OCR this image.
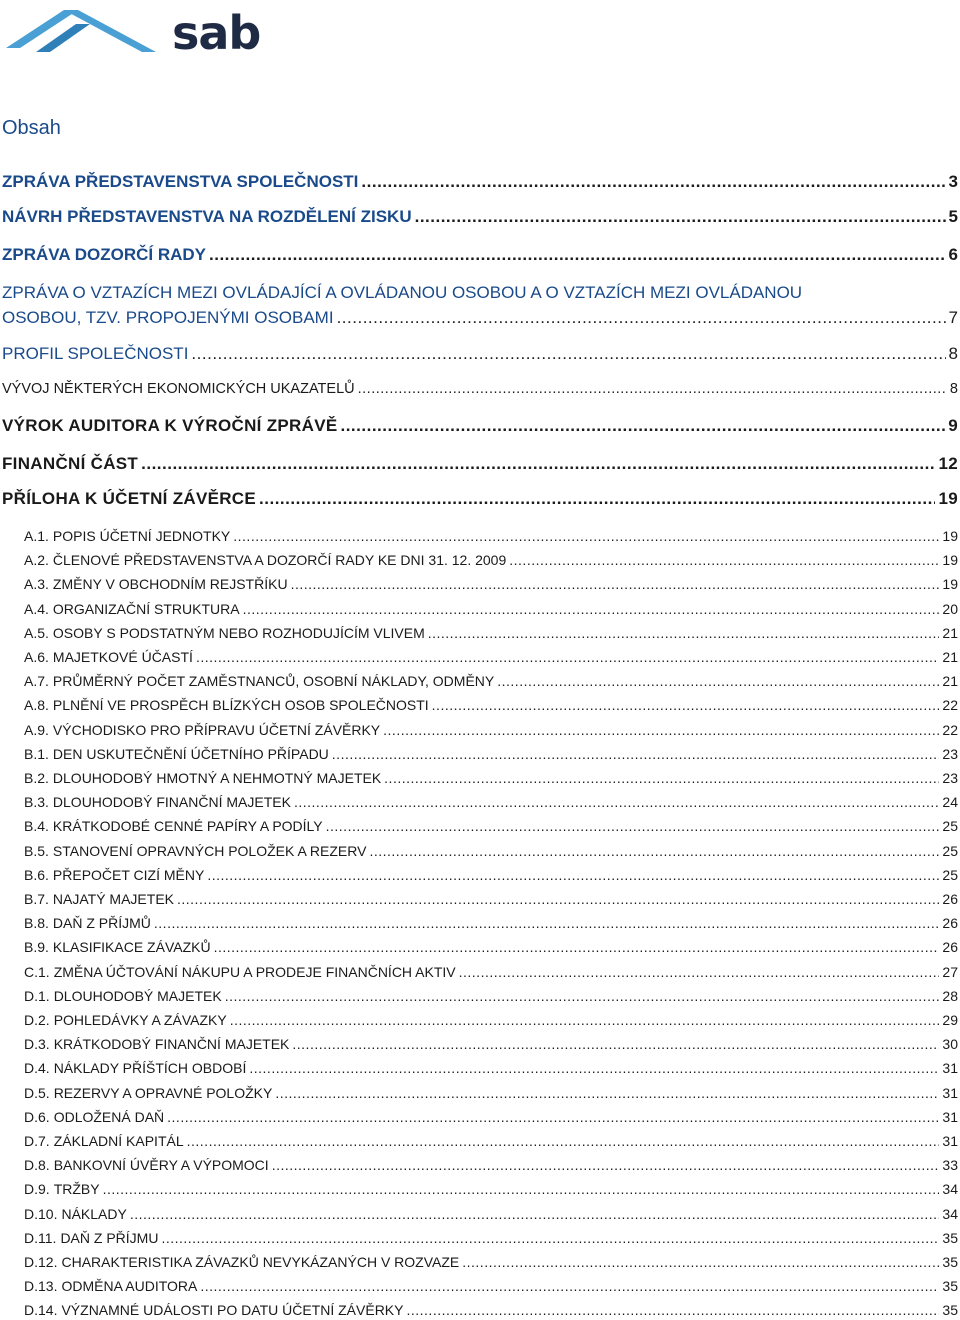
sab
Obsah
ZPRÁVA PŘEDSTAVENSTVA SPOLEČNOSTI .....	3
NÁVRH PŘEDSTAVENSTVA NA ROZDĚLENÍ ZISKU .....	5
ZPRÁVA DOZORČÍ RADY .....	6
ZPRÁVA O VZTAZÍCH MEZI OVLÁDAJÍCÍ A OVLÁDANOU OSOBOU A O VZTAZÍCH MEZI OVLÁDANOU
OSOBOU, TZV. PROPOJENÝMI OSOBAMI .....	7
PROFIL SPOLEČNOSTI .....	8
VÝVOJ NĚKTERÝCH EKONOMICKÝCH UKAZATELŮ .....	8
VÝROK AUDITORA K VÝROČNÍ ZPRÁVĚ .....	9
FINANČNÍ ČÁST .....	12
PŘÍLOHA K ÚČETNÍ ZÁVĚRCE .....	19
A.1. POPIS ÚČETNÍ JEDNOTKY .....	19
A.2. ČLENOVÉ PŘEDSTAVENSTVA A DOZORČÍ RADY KE DNI 31. 12. 2009 .....	19
A.3. ZMĚNY V OBCHODNÍM REJSTŘÍKU .....	19
A.4. ORGANIZAČNÍ STRUKTURA .....	20
A.5. OSOBY S PODSTATNÝM NEBO ROZHODUJÍCÍM VLIVEM .....	21
A.6. MAJETKOVÉ ÚČASTÍ .....	21
A.7. PRŮMĚRNÝ POČET ZAMĚSTNANCŮ, OSOBNÍ NÁKLADY, ODMĚNY .....	21
A.8. PLNĚNÍ VE PROSPĚCH BLÍZKÝCH OSOB SPOLEČNOSTI .....	22
A.9. VÝCHODISKO PRO PŘÍPRAVU ÚČETNÍ ZÁVĚRKY .....	22
B.1. DEN USKUTEČNĚNÍ ÚČETNÍHO PŘÍPADU .....	23
B.2. DLOUHODOBÝ HMOTNÝ A NEHMOTNÝ MAJETEK .....	23
B.3. DLOUHODOBÝ FINANČNÍ MAJETEK .....	24
B.4. KRÁTKODOBÉ CENNÉ PAPÍRY A PODÍLY .....	25
B.5. STANOVENÍ OPRAVNÝCH POLOŽEK A REZERV .....	25
B.6. PŘEPOČET CIZÍ MĚNY .....	25
B.7. NAJATÝ MAJETEK .....	26
B.8. DAŇ Z PŘÍJMŮ .....	26
B.9. KLASIFIKACE ZÁVAZKŮ .....	26
C.1. ZMĚNA ÚČTOVÁNÍ NÁKUPU A PRODEJE FINANČNÍCH AKTIV .....	27
D.1. DLOUHODOBÝ MAJETEK .....	28
D.2. POHLEDÁVKY A ZÁVAZKY .....	29
D.3. KRÁTKODOBÝ FINANČNÍ MAJETEK .....	30
D.4. NÁKLADY PŘÍŠTÍCH OBDOBÍ .....	31
D.5. REZERVY A OPRAVNÉ POLOŽKY .....	31
D.6. ODLOŽENÁ DAŇ .....	31
D.7. ZÁKLADNÍ KAPITÁL .....	31
D.8. BANKOVNÍ ÚVĚRY A VÝPOMOCI .....	33
D.9. TRŽBY .....	34
D.10. NÁKLADY .....	34
D.11. DAŇ Z PŘÍJMU .....	35
D.12. CHARAKTERISTIKA ZÁVAZKŮ NEVYKÁZANÝCH V ROZVAZE .....	35
D.13. ODMĚNA AUDITORA .....	35
D.14. VÝZNAMNÉ UDÁLOSTI PO DATU ÚČETNÍ ZÁVĚRKY .....	35
